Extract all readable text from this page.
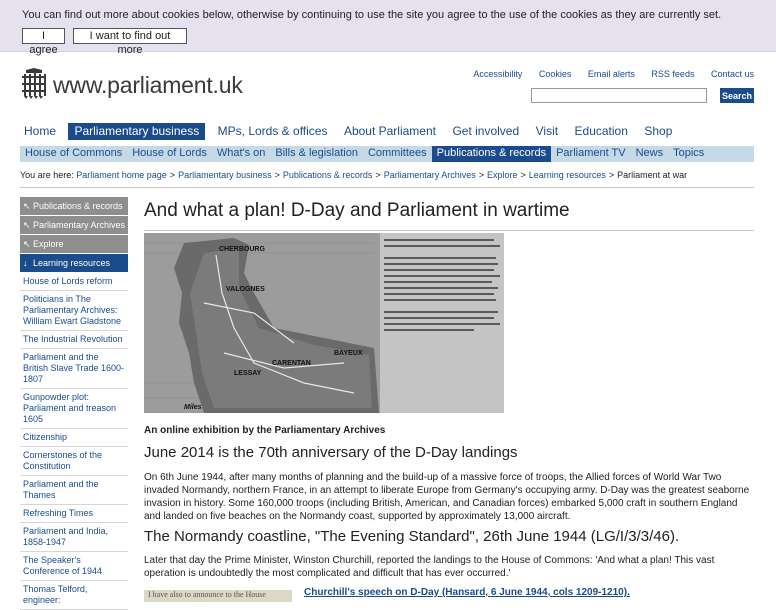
You can find out more about cookies below, otherwise by continuing to use the site you agree to the use of the cookies as they are currently set.
I agree
I want to find out more
www.parliament.uk	Accessibility Cookies Email alerts RSS feeds Contact us
Search
Home Parliamentary business MPs, Lords & offices About Parliament Get involved Visit Education Shop
House of Commons House of Lords What's on Bills & legislation Committees Publications & records Parliament TV News Topics
You are here: Parliament home page > Parliamentary business > Publications & records > Parliamentary Archives > Explore > Learning resources > Parliament at war
↖ Publications & records
↖ Parliamentary Archives
↖ Explore
↓ Learning resources
House of Lords reform
Politicians in The Parliamentary Archives: William Ewart Gladstone
The Industrial Revolution
Parliament and the British Slave Trade 1600-1807
Gunpowder plot: Parliament and treason 1605
Citizenship
Cornerstones of the Constitution
Parliament and the Thames
Refreshing Times
Parliament and India, 1858-1947
The Speaker's Conference of 1944
Thomas Telford, engineer:
And what a plan! D-Day and Parliament in wartime
CHERBOURG
VALOGNES
CARENTAN
BAYEUX
LESSAY
Miles
An online exhibition by the Parliamentary Archives
June 2014 is the 70th anniversary of the D-Day landings
On 6th June 1944, after many months of planning and the build-up of a massive force of troops, the Allied forces of World War Two invaded Normandy, northern France, in an attempt to liberate Europe from Germany's occupying army. D-Day was the greatest seaborne invasion in history. Some 160,000 troops (including British, American, and Canadian forces) embarked 5,000 craft in southern England and landed on five beaches on the Normandy coast, supported by approximately 13,000 aircraft.
The Normandy coastline, "The Evening Standard", 26th June 1944 (LG/I/3/3/46).
Later that day the Prime Minister, Winston Churchill, reported the landings to the House of Commons: 'And what a plan! This vast operation is undoubtedly the most complicated and difficult that has ever occurred.'
I have also to announce to the House	Churchill's speech on D-Day (Hansard, 6 June 1944, cols 1209-1210).
